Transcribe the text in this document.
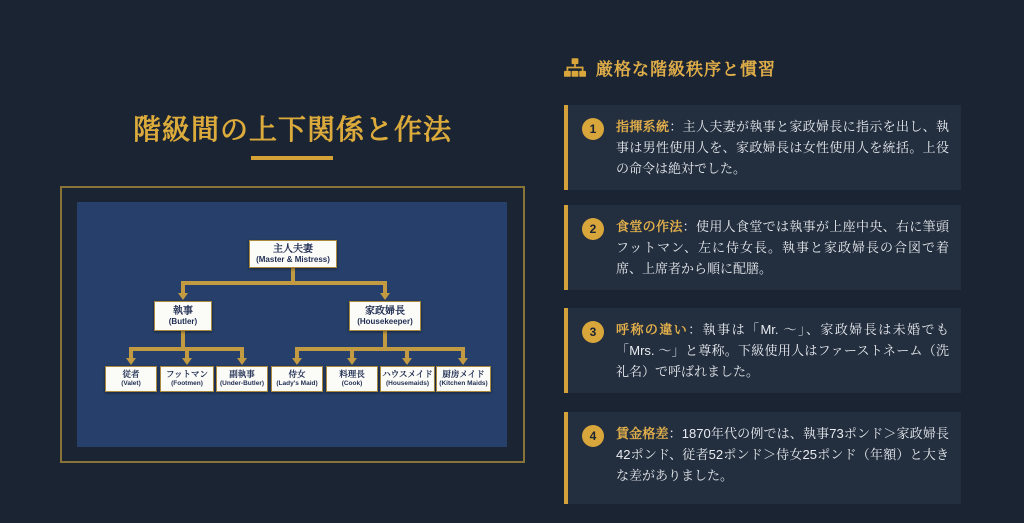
階級間の上下関係と作法
主人夫妻
(Master & Mistress)
執事
(Butler)
家政婦長
(Housekeeper)
従者
(Valet)
フットマン
(Footmen)
副執事
(Under-Butler)
侍女
(Lady's Maid)
料理長
(Cook)
ハウスメイド
(Housemaids)
厨房メイド
(Kitchen Maids)
厳格な階級秩序と慣習
1	指揮系統：主人夫妻が執事と家政婦長に指示を出し、執事は男性使用人を、家政婦長は女性使用人を統括。上役の命令は絶対でした。
2	食堂の作法：使用人食堂では執事が上座中央、右に筆頭フットマン、左に侍女長。執事と家政婦長の合図で着席、上席者から順に配膳。
3	呼称の違い：執事は「Mr. ～」、家政婦長は未婚でも「Mrs. ～」と尊称。下級使用人はファーストネーム（洗礼名）で呼ばれました。
4	賃金格差：1870年代の例では、執事73ポンド＞家政婦長42ポンド、従者52ポンド＞侍女25ポンド（年額）と大きな差がありました。
